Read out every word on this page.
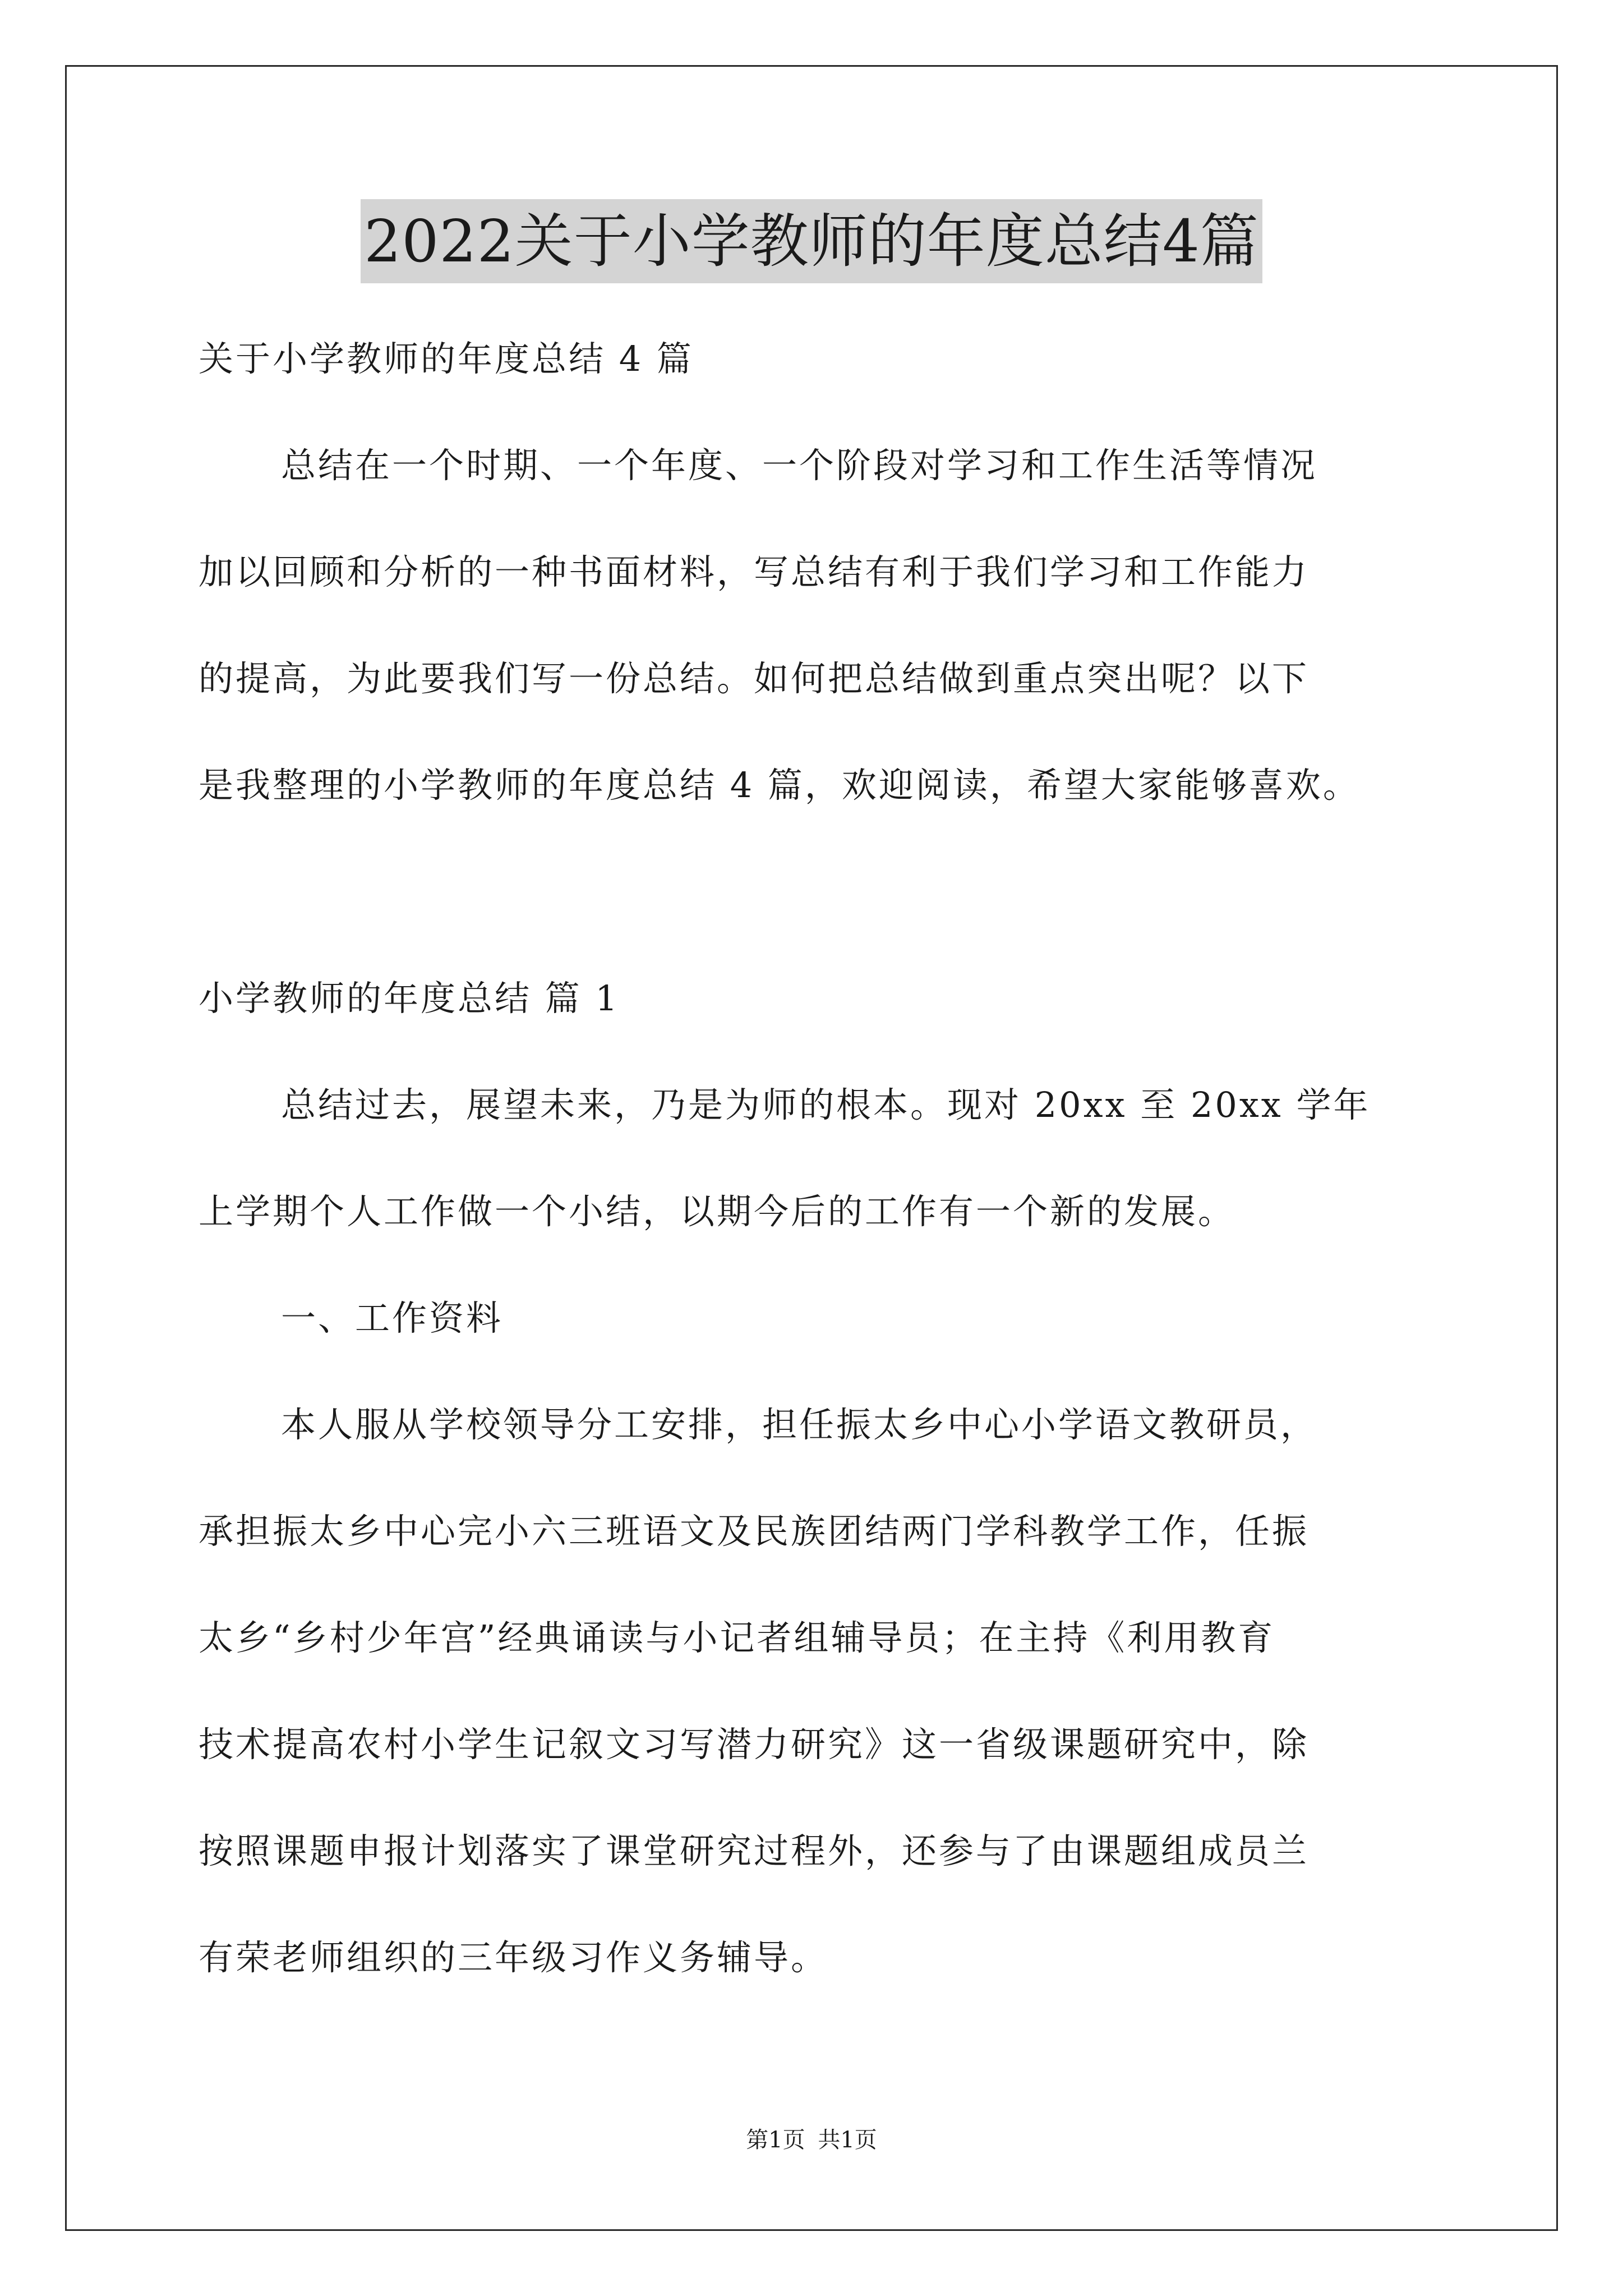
2022关于小学教师的年度总结4篇
关于小学教师的年度总结 4 篇
总结在一个时期、一个年度、一个阶段对学习和工作生活等情况
加以回顾和分析的一种书面材料，写总结有利于我们学习和工作能力
的提高，为此要我们写一份总结。如何把总结做到重点突出呢？以下
是我整理的小学教师的年度总结 4 篇，欢迎阅读，希望大家能够喜欢。
小学教师的年度总结 篇 1
总结过去，展望未来，乃是为师的根本。现对 20xx 至 20xx 学年
上学期个人工作做一个小结，以期今后的工作有一个新的发展。
一、工作资料
本人服从学校领导分工安排，担任振太乡中心小学语文教研员，
承担振太乡中心完小六三班语文及民族团结两门学科教学工作，任振
太乡“乡村少年宫”经典诵读与小记者组辅导员；在主持《利用教育
技术提高农村小学生记叙文习写潜力研究》这一省级课题研究中，除
按照课题申报计划落实了课堂研究过程外，还参与了由课题组成员兰
有荣老师组织的三年级习作义务辅导。
第1页 共1页
